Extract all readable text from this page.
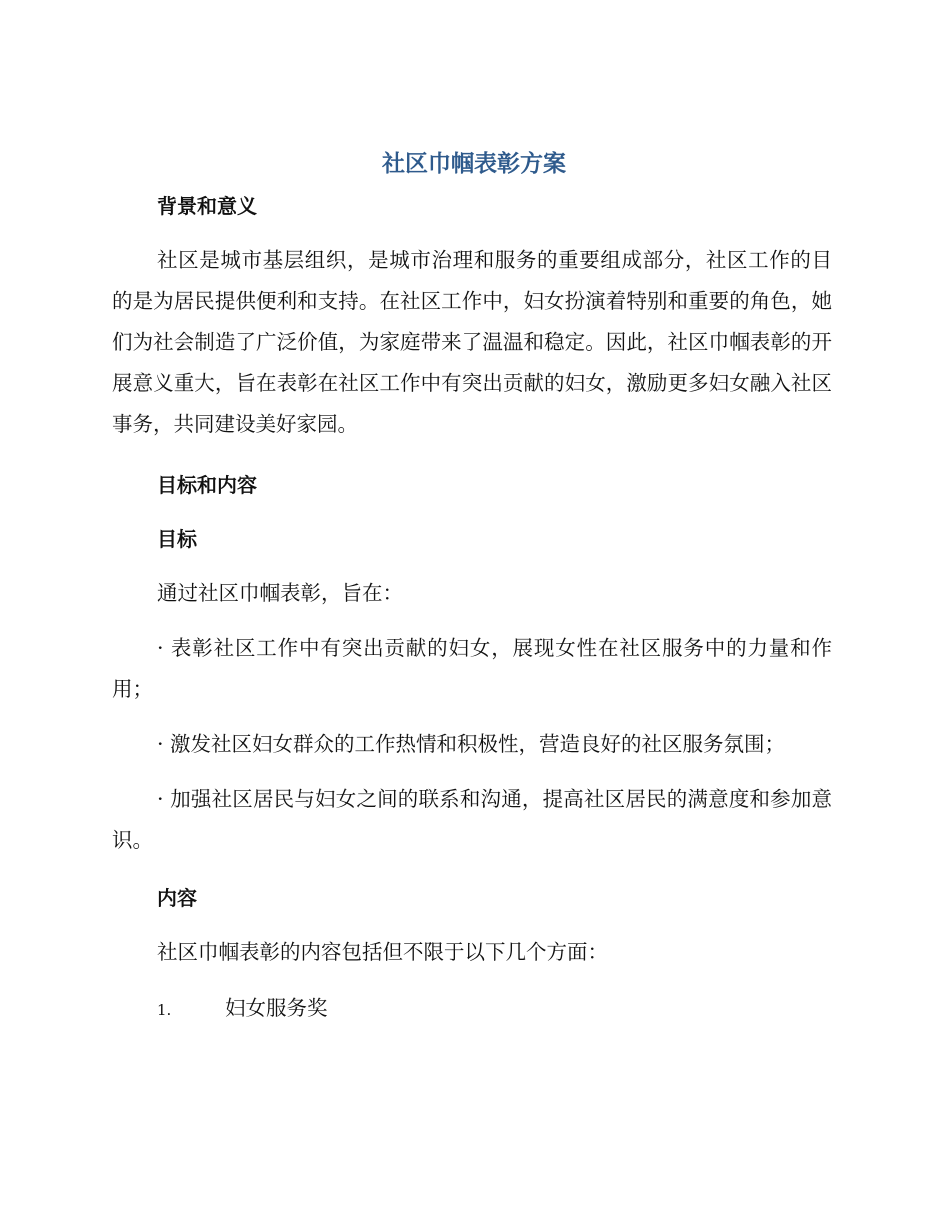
社区巾帼表彰方案
背景和意义

社区是城市基层组织，是城市治理和服务的重要组成部分，社区工作的目的是为居民提供便利和支持。在社区工作中，妇女扮演着特别和重要的角色，她们为社会制造了广泛价值，为家庭带来了温温和稳定。因此，社区巾帼表彰的开展意义重大，旨在表彰在社区工作中有突出贡献的妇女，激励更多妇女融入社区事务，共同建设美好家园。

目标和内容
目标

通过社区巾帼表彰，旨在：

· 表彰社区工作中有突出贡献的妇女，展现女性在社区服务中的力量和作用；

· 激发社区妇女群众的工作热情和积极性，营造良好的社区服务氛围；

· 加强社区居民与妇女之间的联系和沟通，提高社区居民的满意度和参加意识。

内容

社区巾帼表彰的内容包括但不限于以下几个方面：

1.	妇女服务奖
